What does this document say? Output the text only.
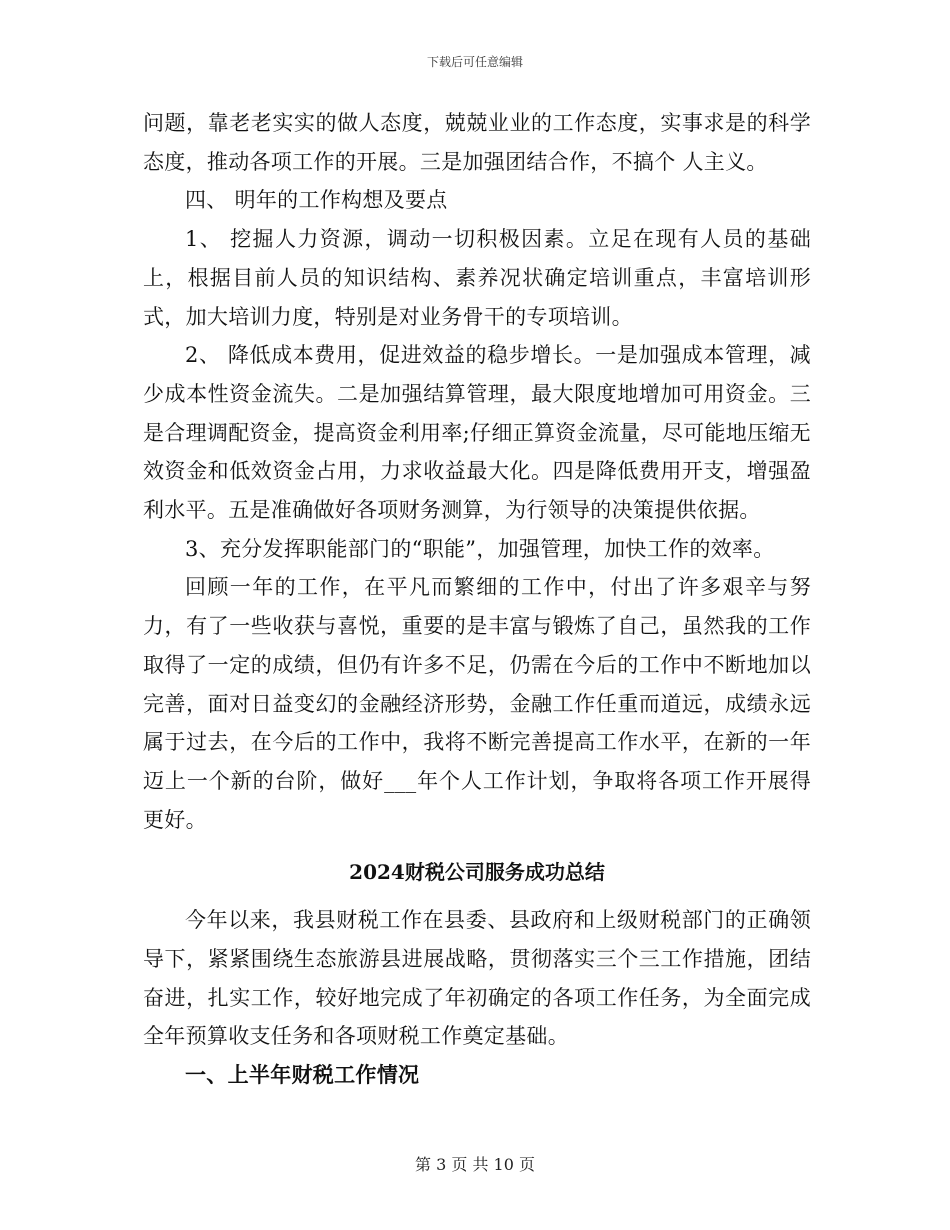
下载后可任意编辑

问题，靠老老实实的做人态度，兢兢业业的工作态度，实事求是的科学态度，推动各项工作的开展。三是加强团结合作，不搞个 人主义。

四、 明年的工作构想及要点

1、 挖掘人力资源，调动一切积极因素。立足在现有人员的基础上，根据目前人员的知识结构、素养况状确定培训重点，丰富培训形式，加大培训力度，特别是对业务骨干的专项培训。

2、 降低成本费用，促进效益的稳步增长。一是加强成本管理，减少成本性资金流失。二是加强结算管理，最大限度地增加可用资金。三是合理调配资金，提高资金利用率;仔细正算资金流量，尽可能地压缩无效资金和低效资金占用，力求收益最大化。四是降低费用开支，增强盈利水平。五是准确做好各项财务测算，为行领导的决策提供依据。

3、充分发挥职能部门的“职能”，加强管理，加快工作的效率。

回顾一年的工作，在平凡而繁细的工作中，付出了许多艰辛与努力，有了一些收获与喜悦，重要的是丰富与锻炼了自己，虽然我的工作取得了一定的成绩，但仍有许多不足，仍需在今后的工作中不断地加以完善，面对日益变幻的金融经济形势，金融工作任重而道远，成绩永远属于过去，在今后的工作中，我将不断完善提高工作水平，在新的一年迈上一个新的台阶，做好___年个人工作计划，争取将各项工作开展得更好。

2024财税公司服务成功总结

今年以来，我县财税工作在县委、县政府和上级财税部门的正确领导下，紧紧围绕生态旅游县进展战略，贯彻落实三个三工作措施，团结奋进，扎实工作，较好地完成了年初确定的各项工作任务，为全面完成全年预算收支任务和各项财税工作奠定基础。

一、上半年财税工作情况

第 3 页 共 10 页
